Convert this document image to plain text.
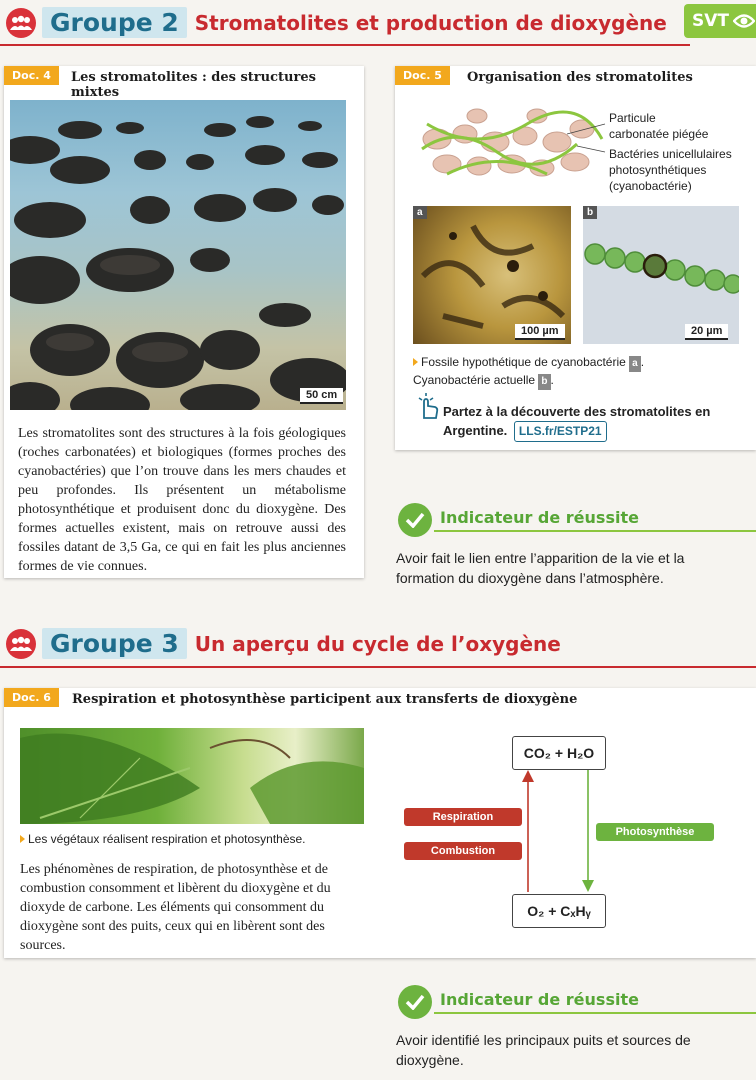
Groupe 2 Stromatolites et production de dioxygène SVT
Doc. 4	Les stromatolites : des structures mixtes
50 cm
Les stromatolites sont des structures à la fois géologiques (roches carbonatées) et biologiques (formes proches des cyanobactéries) que l’on trouve dans les mers chaudes et peu profondes. Ils présentent un métabolisme photosynthétique et produisent donc du dioxygène. Des formes actuelles existent, mais on retrouve aussi des fossiles datant de 3,5 Ga, ce qui en fait les plus anciennes formes de vie connues.
Doc. 5	Organisation des stromatolites
Particule
carbonatée piégée
Bactéries unicellulaires
photosynthétiques
(cyanobactérie)
a
100 µm
b
20 µm
Fossile hypothétique de cyanobactérie a .
Cyanobactérie actuelle b .
Partez à la découverte des stromatolites en
Argentine. LLS.fr/ESTP21
Indicateur de réussite
Avoir fait le lien entre l’apparition de la vie et la formation du dioxygène dans l’atmosphère.
Groupe 3 Un aperçu du cycle de l’oxygène
Doc. 6	Respiration et photosynthèse participent aux transferts de dioxygène
Les végétaux réalisent respiration et photosynthèse.
Les phénomènes de respiration, de photosynthèse et de combustion consomment et libèrent du dioxygène et du dioxyde de carbone. Les éléments qui consomment du dioxygène sont des puits, ceux qui en libèrent sont des sources.
CO₂ + H₂O
O₂ + CₓHᵧ
Respiration
Combustion
Photosynthèse
Indicateur de réussite
Avoir identifié les principaux puits et sources de dioxygène.
